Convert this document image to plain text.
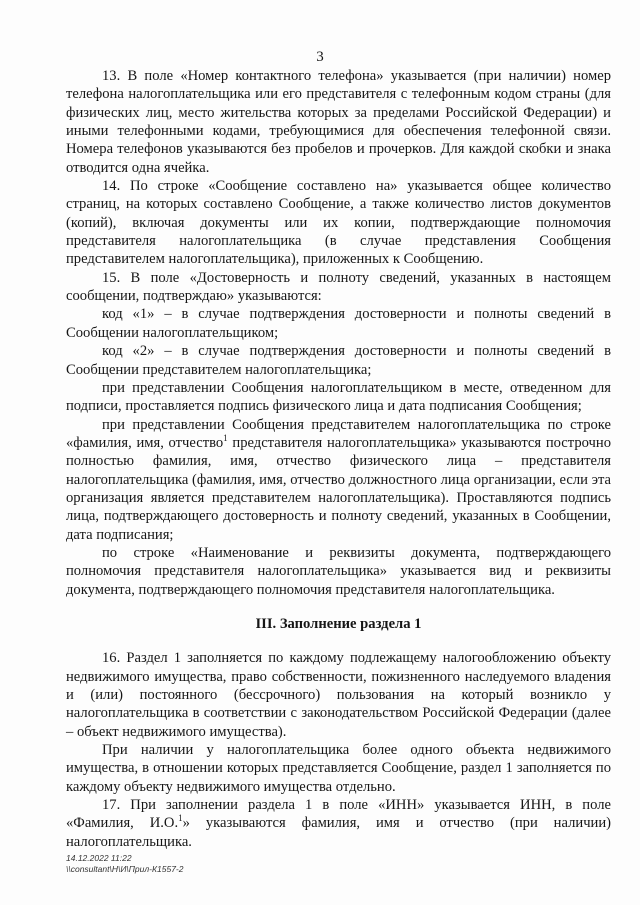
3

13. В поле «Номер контактного телефона» указывается (при наличии) номер телефона налогоплательщика или его представителя с телефонным кодом страны (для физических лиц, место жительства которых за пределами Российской Федерации) и иными телефонными кодами, требующимися для обеспечения телефонной связи. Номера телефонов указываются без пробелов и прочерков. Для каждой скобки и знака отводится одна ячейка.

14. По строке «Сообщение составлено на» указывается общее количество страниц, на которых составлено Сообщение, а также количество листов документов (копий), включая документы или их копии, подтверждающие полномочия представителя налогоплательщика (в случае представления Сообщения представителем налогоплательщика), приложенных к Сообщению.

15. В поле «Достоверность и полноту сведений, указанных в настоящем сообщении, подтверждаю» указываются:

код «1» – в случае подтверждения достоверности и полноты сведений в Сообщении налогоплательщиком;

код «2» – в случае подтверждения достоверности и полноты сведений в Сообщении представителем налогоплательщика;

при представлении Сообщения налогоплательщиком в месте, отведенном для подписи, проставляется подпись физического лица и дата подписания Сообщения;

при представлении Сообщения представителем налогоплательщика по строке «фамилия, имя, отчество$^1$ представителя налогоплательщика» указываются построчно полностью фамилия, имя, отчество физического лица – представителя налогоплательщика (фамилия, имя, отчество должностного лица организации, если эта организация является представителем налогоплательщика). Проставляются подпись лица, подтверждающего достоверность и полноту сведений, указанных в Сообщении, дата подписания;

по строке «Наименование и реквизиты документа, подтверждающего полномочия представителя налогоплательщика» указывается вид и реквизиты документа, подтверждающего полномочия представителя налогоплательщика.

III. Заполнение раздела 1

16. Раздел 1 заполняется по каждому подлежащему налогообложению объекту недвижимого имущества, право собственности, пожизненного наследуемого владения и (или) постоянного (бессрочного) пользования на который возникло у налогоплательщика в соответствии с законодательством Российской Федерации (далее – объект недвижимого имущества).

При наличии у налогоплательщика более одного объекта недвижимого имущества, в отношении которых представляется Сообщение, раздел 1 заполняется по каждому объекту недвижимого имущества отдельно.

17. При заполнении раздела 1 в поле «ИНН» указывается ИНН, в поле «Фамилия, И.О.$^1$» указываются фамилия, имя и отчество (при наличии) налогоплательщика.

14.12.2022 11:22
\\consultant\H\И\Прил-К1557-2
